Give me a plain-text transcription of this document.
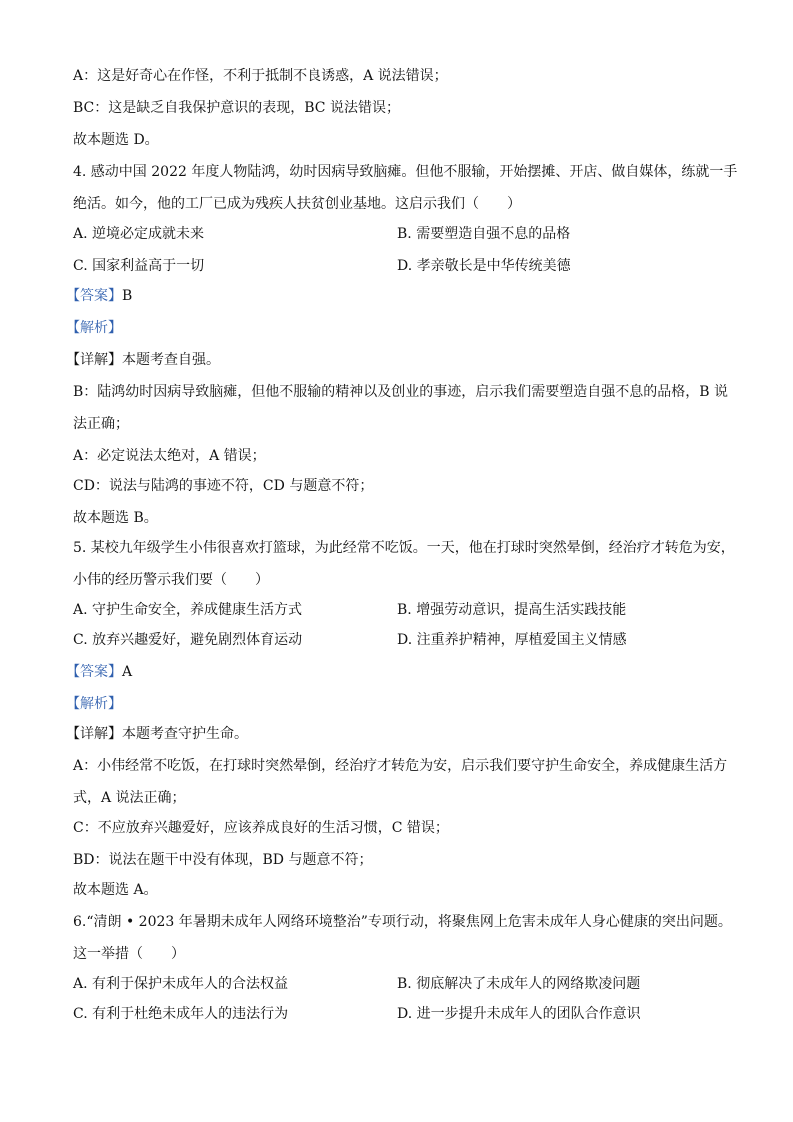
A：这是好奇心在作怪，不利于抵制不良诱惑，A 说法错误；
BC：这是缺乏自我保护意识的表现，BC 说法错误；
故本题选 D。
4. 感动中国 2022 年度人物陆鸿，幼时因病导致脑瘫。但他不服输，开始摆摊、开店、做自媒体，练就一手
绝活。如今，他的工厂已成为残疾人扶贫创业基地。这启示我们（　　）
A. 逆境必定成就未来	B. 需要塑造自强不息的品格
C. 国家利益高于一切	D. 孝亲敬长是中华传统美德
【答案】B
【解析】
【详解】本题考查自强。
B：陆鸿幼时因病导致脑瘫，但他不服输的精神以及创业的事迹，启示我们需要塑造自强不息的品格，B 说
法正确；
A：必定说法太绝对，A 错误；
CD：说法与陆鸿的事迹不符，CD 与题意不符；
故本题选 B。
5. 某校九年级学生小伟很喜欢打篮球，为此经常不吃饭。一天，他在打球时突然晕倒，经治疗才转危为安，
小伟的经历警示我们要（　　）
A. 守护生命安全，养成健康生活方式	B. 增强劳动意识，提高生活实践技能
C. 放弃兴趣爱好，避免剧烈体育运动	D. 注重养护精神，厚植爱国主义情感
【答案】A
【解析】
【详解】本题考查守护生命。
A：小伟经常不吃饭，在打球时突然晕倒，经治疗才转危为安，启示我们要守护生命安全，养成健康生活方
式，A 说法正确；
C：不应放弃兴趣爱好，应该养成良好的生活习惯，C 错误；
BD：说法在题干中没有体现，BD 与题意不符；
故本题选 A。
6.“清朗 • 2023 年暑期未成年人网络环境整治”专项行动，将聚焦网上危害未成年人身心健康的突出问题。
这一举措（　　）
A. 有利于保护未成年人的合法权益	B. 彻底解决了未成年人的网络欺凌问题
C. 有利于杜绝未成年人的违法行为	D. 进一步提升未成年人的团队合作意识
